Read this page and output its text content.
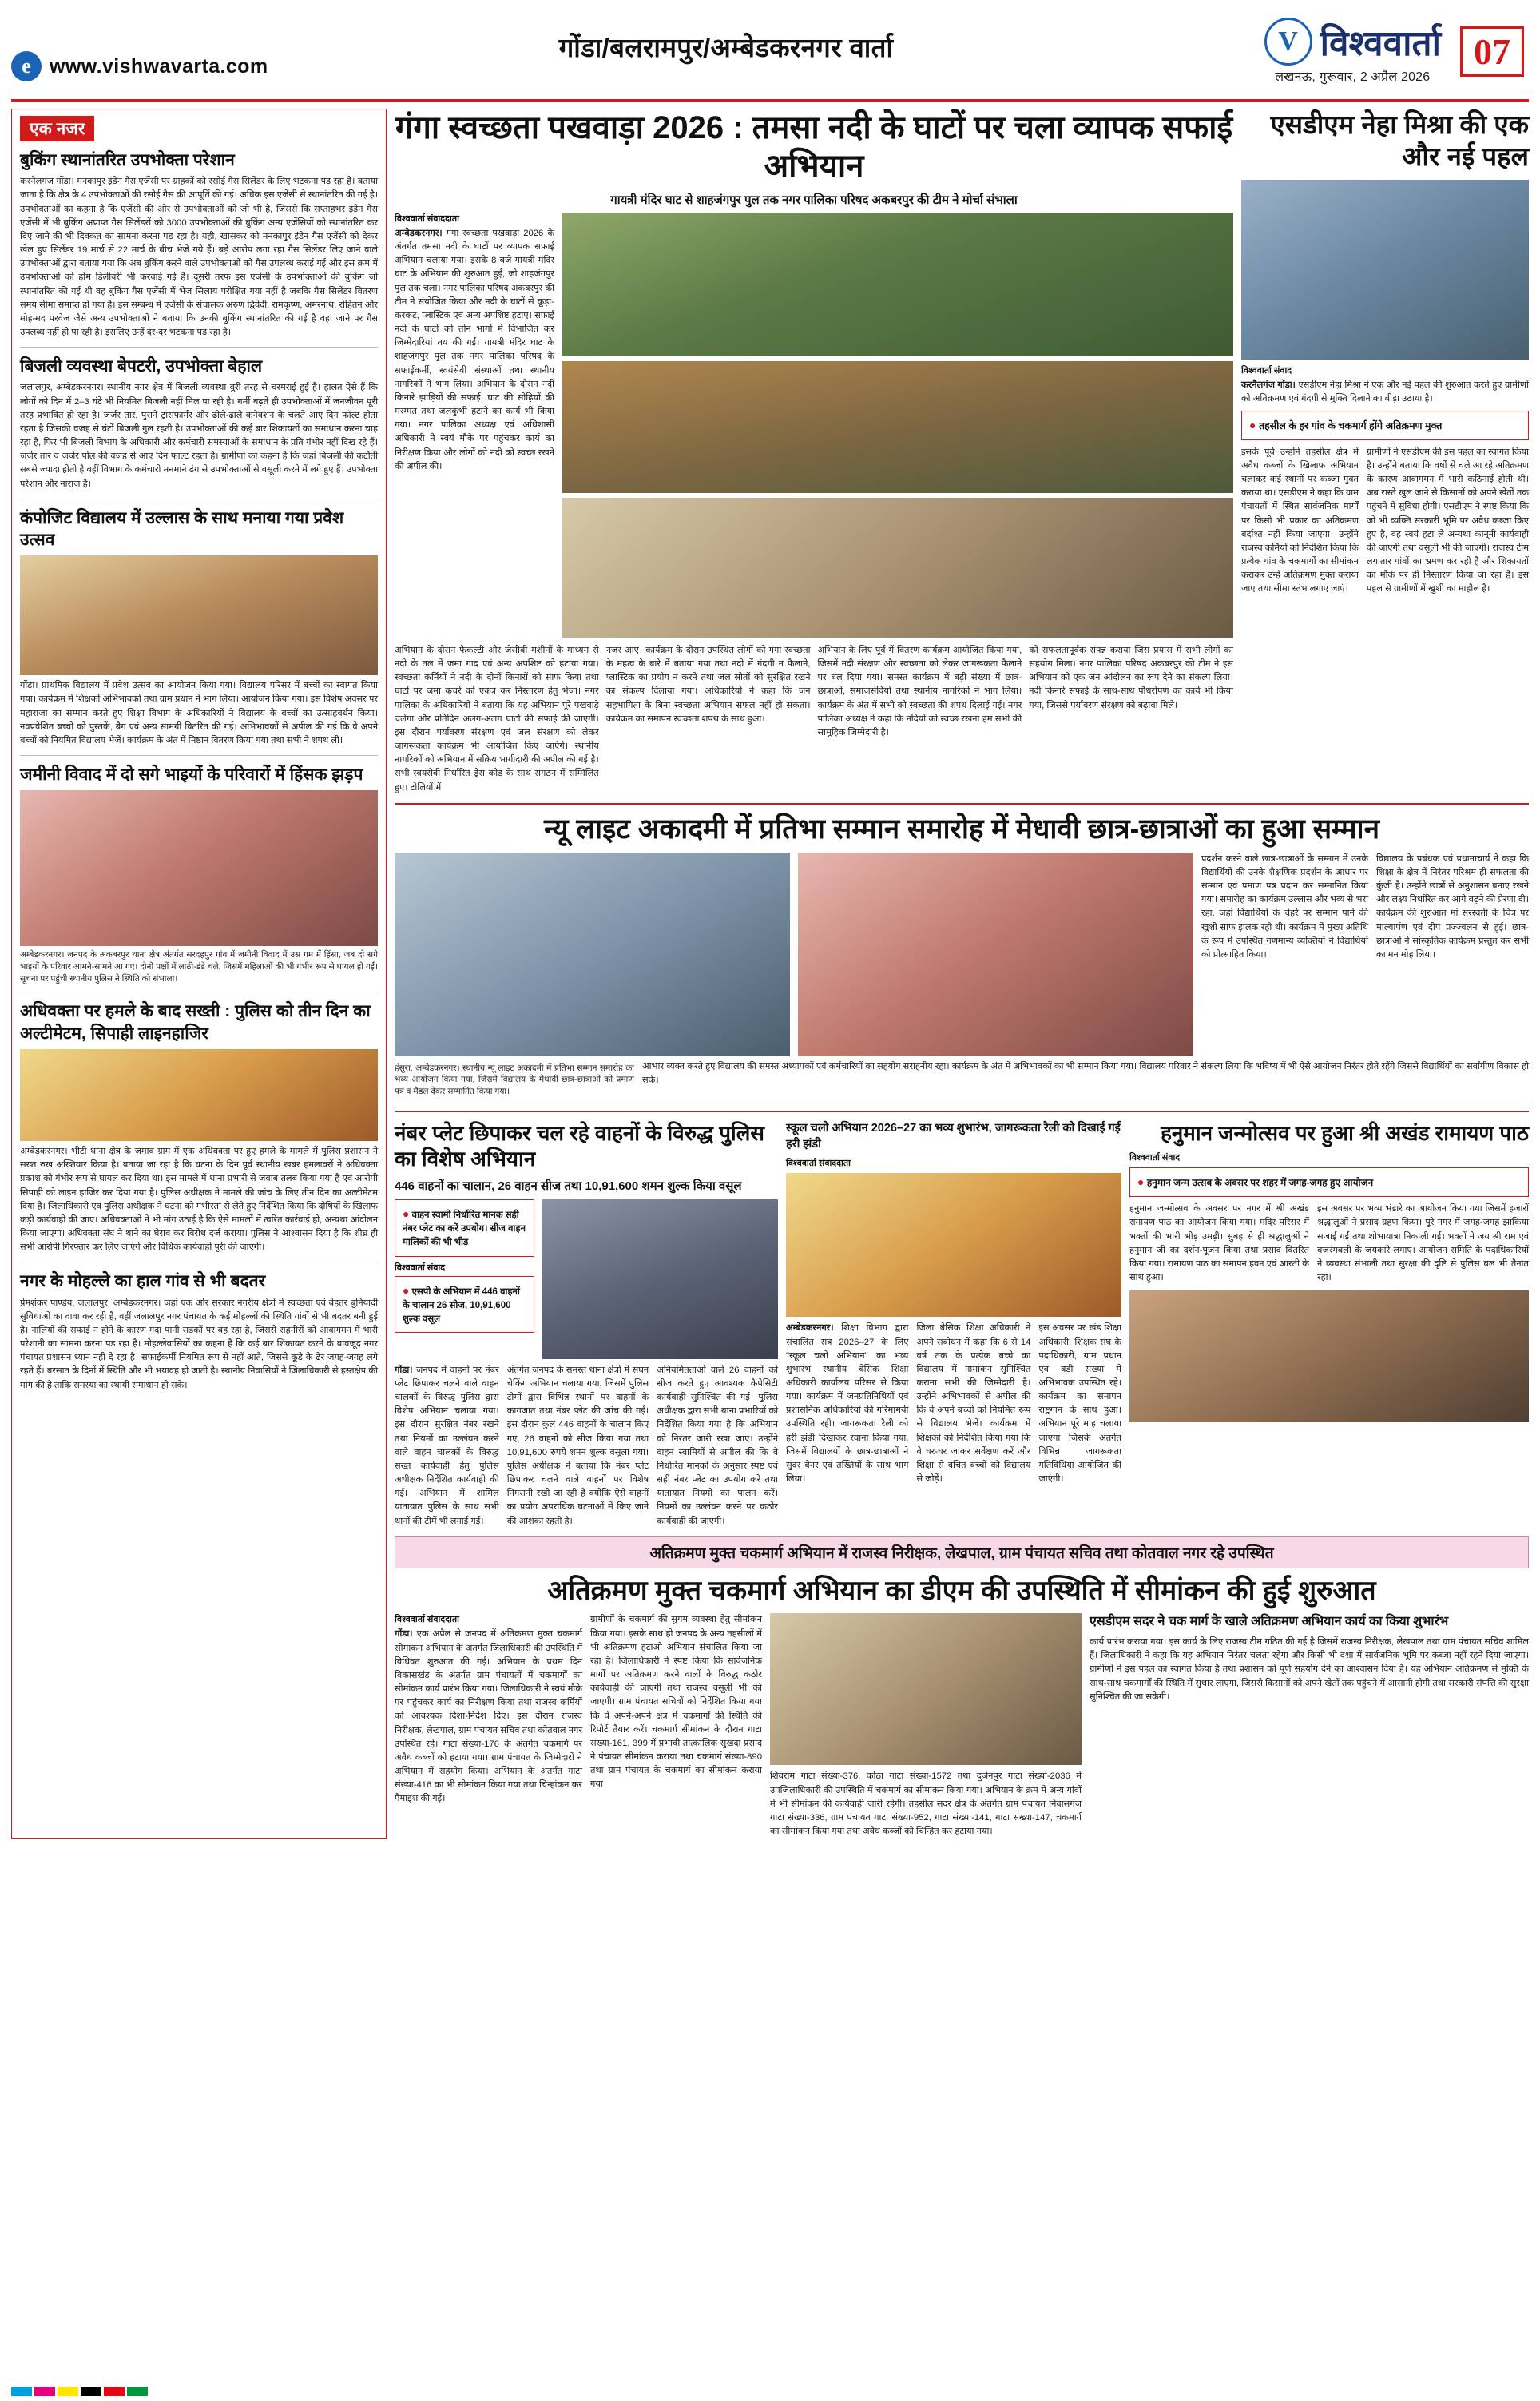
e www.vishwavarta.com
गोंडा/बलरामपुर/अम्बेडकरनगर वार्ता	V विश्ववार्ता
लखनऊ, गुरूवार, 2 अप्रैल 2026
07
एक नजर
बुकिंग स्थानांतरित उपभोक्ता परेशान
करनैलगंज गोंडा। मनकापुर इंडेन गैस एजेंसी पर ग्राहकों को रसोई गैस सिलेंडर के लिए भटकना पड़ रहा है। बताया जाता है कि क्षेत्र के 4 उपभोक्ताओं की रसोई गैस की आपूर्ति की गई। अधिक इस एजेंसी से स्थानांतरित की गई है। उपभोक्ताओं का कहना है कि एजेंसी की ओर से उपभोक्ताओं को जो भी है, जिससे कि सप्ताहभर इंडेन गैस एजेंसी में भी बुकिंग अप्राप्त गैस सिलेंडरों को 3000 उपभोक्ताओं की बुकिंग अन्य एजेंसियों को स्थानांतरित कर दिए जाने की भी दिक्कत का सामना करना पड़ रहा है। यही, खासकर को मनकापुर इंडेन गैस एजेंसी को देकर खेल हुए सिलेंडर 19 मार्च से 22 मार्च के बीच भेजे गये हैं। बड़े आरोप लगा रहा गैस सिलेंडर लिए जाने वाले उपभोक्ताओं द्वारा बताया गया कि अब बुकिंग करने वाले उपभोक्ताओं को गैस उपलब्ध कराई गई और इस क्रम में उपभोक्ताओं को होम डिलीवरी भी करवाई गई है। दूसरी तरफ इस एजेंसी के उपभोक्ताओं की बुकिंग जो स्थानांतरित की गई थी वह बुकिंग गैस एजेंसी में भेज सिलाय परीक्षित गया नहीं है जबकि गैस सिलेंडर वितरण समय सीमा समाप्त हो गया है। इस सम्बन्ध में एजेंसी के संचालक अरुण द्विवेदी, रामकृष्ण, अमरनाथ, रोहितन और मोहम्मद परवेज जैसे अन्य उपभोक्ताओं ने बताया कि उनकी बुकिंग स्थानांतरित की गई है वहां जाने पर गैस उपलब्ध नहीं हो पा रही है। इसलिए उन्हें दर-दर भटकना पड़ रहा है।
बिजली व्यवस्था बेपटरी, उपभोक्ता बेहाल
जलालपुर, अम्बेडकरनगर। स्थानीय नगर क्षेत्र में बिजली व्यवस्था बुरी तरह से चरमराई हुई है। हालत ऐसे हैं कि लोगों को दिन में 2–3 घंटे भी नियमित बिजली नहीं मिल पा रही है। गर्मी बढ़ते ही उपभोक्ताओं में जनजीवन पूरी तरह प्रभावित हो रहा है। जर्जर तार, पुराने ट्रांसफार्मर और ढीले-ढाले कनेक्शन के चलते आए दिन फॉल्ट होता रहता है जिसकी वजह से घंटों बिजली गुल रहती है। उपभोक्ताओं की कई बार शिकायतों का समाधान करना चाह रहा है, फिर भी बिजली विभाग के अधिकारी और कर्मचारी समस्याओं के समाधान के प्रति गंभीर नहीं दिख रहे हैं। जर्जर तार व जर्जर पोल की वजह से आए दिन फाल्ट रहता है। ग्रामीणों का कहना है कि जहां बिजली की कटौती सबसे ज्यादा होती है वहीं विभाग के कर्मचारी मनमाने ढंग से उपभोक्ताओं से वसूली करने में लगे हुए हैं। उपभोक्ता परेशान और नाराज हैं।
कंपोजिट विद्यालय में उल्लास के साथ मनाया गया प्रवेश उत्सव
गोंडा। प्राथमिक विद्यालय में प्रवेश उत्सव का आयोजन किया गया। विद्यालय परिसर में बच्चों का स्वागत किया गया। कार्यक्रम में शिक्षकों अभिभावकों तथा ग्राम प्रधान ने भाग लिया। आयोजन किया गया। इस विशेष अवसर पर महाराजा का सम्मान करते हुए शिक्षा विभाग के अधिकारियों ने विद्यालय के बच्चों का उत्साहवर्धन किया। नवप्रवेशित बच्चों को पुस्तकें, बैग एवं अन्य सामग्री वितरित की गई। अभिभावकों से अपील की गई कि वे अपने बच्चों को नियमित विद्यालय भेजें। कार्यक्रम के अंत में मिष्ठान वितरण किया गया तथा सभी ने शपथ ली।
जमीनी विवाद में दो सगे भाइयों के परिवारों में हिंसक झड़प
अम्बेडकरनगर। जनपद के अकबरपुर थाना क्षेत्र अंतर्गत सरदहपुर गांव में जमीनी विवाद में उस गम में हिंसा, जब दो सगे भाइयों के परिवार आमने-सामने आ गए। दोनों पक्षों में लाठी-डंडे चले, जिसमें महिलाओं की भी गंभीर रूप से घायल हो गईं। सूचना पर पहुंची स्थानीय पुलिस ने स्थिति को संभाला।
अधिवक्ता पर हमले के बाद सख्ती : पुलिस को तीन दिन का अल्टीमेटम, सिपाही लाइनहाजिर
अम्बेडकरनगर। भीटी थाना क्षेत्र के जमाव ग्राम में एक अधिवक्ता पर हुए हमले के मामले में पुलिस प्रशासन ने सख्त रुख अख्तियार किया है। बताया जा रहा है कि घटना के दिन पूर्व स्थानीय खबर हमलावरों ने अधिवक्ता प्रकाश को गंभीर रूप से घायल कर दिया था। इस मामले में थाना प्रभारी से जवाब तलब किया गया है एवं आरोपी सिपाही को लाइन हाजिर कर दिया गया है। पुलिस अधीक्षक ने मामले की जांच के लिए तीन दिन का अल्टीमेटम दिया है। जिलाधिकारी एवं पुलिस अधीक्षक ने घटना को गंभीरता से लेते हुए निर्देशित किया कि दोषियों के खिलाफ कड़ी कार्यवाही की जाए। अधिवक्ताओं ने भी मांग उठाई है कि ऐसे मामलों में त्वरित कार्रवाई हो, अन्यथा आंदोलन किया जाएगा। अधिवक्ता संघ ने थाने का घेराव कर विरोध दर्ज कराया। पुलिस ने आश्वासन दिया है कि शीघ्र ही सभी आरोपी गिरफ्तार कर लिए जाएंगे और विधिक कार्यवाही पूरी की जाएगी।
नगर के मोहल्ले का हाल गांव से भी बदतर
प्रेमशंकर पाण्डेय, जलालपुर, अम्बेडकरनगर। जहां एक ओर सरकार नगरीय क्षेत्रों में स्वच्छता एवं बेहतर बुनियादी सुविधाओं का दावा कर रही है, वहीं जलालपुर नगर पंचायत के कई मोहल्लों की स्थिति गांवों से भी बदतर बनी हुई है। नालियों की सफाई न होने के कारण गंदा पानी सड़कों पर बह रहा है, जिससे राहगीरों को आवागमन में भारी परेशानी का सामना करना पड़ रहा है। मोहल्लेवासियों का कहना है कि कई बार शिकायत करने के बावजूद नगर पंचायत प्रशासन ध्यान नहीं दे रहा है। सफाईकर्मी नियमित रूप से नहीं आते, जिससे कूड़े के ढेर जगह-जगह लगे रहते हैं। बरसात के दिनों में स्थिति और भी भयावह हो जाती है। स्थानीय निवासियों ने जिलाधिकारी से हस्तक्षेप की मांग की है ताकि समस्या का स्थायी समाधान हो सके।
गंगा स्वच्छता पखवाड़ा 2026 : तमसा नदी के घाटों पर चला व्यापक सफाई अभियान
गायत्री मंदिर घाट से शाहजंगपुर पुल तक नगर पालिका परिषद अकबरपुर की टीम ने मोर्चा संभाला
विश्ववार्ता संवाददाता
अम्बेडकरनगर। गंगा स्वच्छता पखवाड़ा 2026 के अंतर्गत तमसा नदी के घाटों पर व्यापक सफाई अभियान चलाया गया। इसके 8 बजे गायत्री मंदिर घाट के अभियान की शुरुआत हुई, जो शाहजंगपुर पुल तक चला। नगर पालिका परिषद अकबरपुर की टीम ने संयोजित किया और नदी के घाटों से कूड़ा-करकट, प्लास्टिक एवं अन्य अपशिष्ट हटाए। सफाई नदी के घाटों को तीन भागों में विभाजित कर जिम्मेदारियां तय की गईं। गायत्री मंदिर घाट के शाहजंगपुर पुल तक नगर पालिका परिषद के सफाईकर्मी, स्वयंसेवी संस्थाओं तथा स्थानीय नागरिकों ने भाग लिया। अभियान के दौरान नदी किनारे झाड़ियों की सफाई, घाट की सीढ़ियों की मरम्मत तथा जलकुंभी हटाने का कार्य भी किया गया। नगर पालिका अध्यक्ष एवं अधिशासी अधिकारी ने स्वयं मौके पर पहुंचकर कार्य का निरीक्षण किया और लोगों को नदी को स्वच्छ रखने की अपील की।
अभियान के दौरान फैकल्टी और जेसीबी मशीनों के माध्यम से नदी के तल में जमा गाद एवं अन्य अपशिष्ट को हटाया गया। स्वच्छता कर्मियों ने नदी के दोनों किनारों को साफ किया तथा घाटों पर जमा कचरे को एकत्र कर निस्तारण हेतु भेजा। नगर पालिका के अधिकारियों ने बताया कि यह अभियान पूरे पखवाड़े चलेगा और प्रतिदिन अलग-अलग घाटों की सफाई की जाएगी। इस दौरान पर्यावरण संरक्षण एवं जल संरक्षण को लेकर जागरूकता कार्यक्रम भी आयोजित किए जाएंगे। स्थानीय नागरिकों को अभियान में सक्रिय भागीदारी की अपील की गई है। सभी स्वयंसेवी निर्धारित ड्रेस कोड के साथ संगठन में सम्मिलित हुए। टोलियों में
नजर आए। कार्यक्रम के दौरान उपस्थित लोगों को गंगा स्वच्छता के महत्व के बारे में बताया गया तथा नदी में गंदगी न फैलाने, प्लास्टिक का प्रयोग न करने तथा जल स्रोतों को सुरक्षित रखने का संकल्प दिलाया गया। अधिकारियों ने कहा कि जन सहभागिता के बिना स्वच्छता अभियान सफल नहीं हो सकता। कार्यक्रम का समापन स्वच्छता शपथ के साथ हुआ।
अभियान के लिए पूर्व में वितरण कार्यक्रम आयोजित किया गया, जिसमें नदी संरक्षण और स्वच्छता को लेकर जागरूकता फैलाने पर बल दिया गया। समस्त कार्यक्रम में बड़ी संख्या में छात्र-छात्राओं, समाजसेवियों तथा स्थानीय नागरिकों ने भाग लिया। कार्यक्रम के अंत में सभी को स्वच्छता की शपथ दिलाई गई। नगर पालिका अध्यक्ष ने कहा कि नदियों को स्वच्छ रखना हम सभी की सामूहिक जिम्मेदारी है।
को सफलतापूर्वक संपन्न कराया जिस प्रयास में सभी लोगों का सहयोग मिला। नगर पालिका परिषद अकबरपुर की टीम ने इस अभियान को एक जन आंदोलन का रूप देने का संकल्प लिया। नदी किनारे सफाई के साथ-साथ पौधरोपण का कार्य भी किया गया, जिससे पर्यावरण संरक्षण को बढ़ावा मिले।
एसडीएम नेहा मिश्रा की एक और नई पहल
विश्ववार्ता संवाद
करनैलगंज गोंडा। एसडीएम नेहा मिश्रा ने एक और नई पहल की शुरुआत करते हुए ग्रामीणों को अतिक्रमण एवं गंदगी से मुक्ति दिलाने का बीड़ा उठाया है।
● तहसील के हर गांव के चकमार्ग होंगे अतिक्रमण मुक्त
इसके पूर्व उन्होंने तहसील क्षेत्र में अवैध कब्जों के खिलाफ अभियान चलाकर कई स्थानों पर कब्जा मुक्त कराया था। एसडीएम ने कहा कि ग्राम पंचायतों में स्थित सार्वजनिक मार्गों पर किसी भी प्रकार का अतिक्रमण बर्दाश्त नहीं किया जाएगा। उन्होंने राजस्व कर्मियों को निर्देशित किया कि प्रत्येक गांव के चकमार्गों का सीमांकन कराकर उन्हें अतिक्रमण मुक्त कराया जाए तथा सीमा स्तंभ लगाए जाएं।
ग्रामीणों ने एसडीएम की इस पहल का स्वागत किया है। उन्होंने बताया कि वर्षों से चले आ रहे अतिक्रमण के कारण आवागमन में भारी कठिनाई होती थी। अब रास्ते खुल जाने से किसानों को अपने खेतों तक पहुंचने में सुविधा होगी। एसडीएम ने स्पष्ट किया कि जो भी व्यक्ति सरकारी भूमि पर अवैध कब्जा किए हुए है, वह स्वयं हटा ले अन्यथा कानूनी कार्यवाही की जाएगी तथा वसूली भी की जाएगी। राजस्व टीम लगातार गांवों का भ्रमण कर रही है और शिकायतों का मौके पर ही निस्तारण किया जा रहा है। इस पहल से ग्रामीणों में खुशी का माहौल है।
न्यू लाइट अकादमी में प्रतिभा सम्मान समारोह में मेधावी छात्र-छात्राओं का हुआ सम्मान
प्रदर्शन करने वाले छात्र-छात्राओं के सम्मान में उनके विद्यार्थियों की उनके शैक्षणिक प्रदर्शन के आधार पर सम्मान एवं प्रमाण पत्र प्रदान कर सम्मानित किया गया। समारोह का कार्यक्रम उल्लास और भव्य से भरा रहा, जहां विद्यार्थियों के चेहरे पर सम्मान पाने की खुशी साफ झलक रही थी। कार्यक्रम में मुख्य अतिथि के रूप में उपस्थित गणमान्य व्यक्तियों ने विद्यार्थियों को प्रोत्साहित किया।
विद्यालय के प्रबंधक एवं प्रधानाचार्य ने कहा कि शिक्षा के क्षेत्र में निरंतर परिश्रम ही सफलता की कुंजी है। उन्होंने छात्रों से अनुशासन बनाए रखने और लक्ष्य निर्धारित कर आगे बढ़ने की प्रेरणा दी। कार्यक्रम की शुरुआत मां सरस्वती के चित्र पर माल्यार्पण एवं दीप प्रज्ज्वलन से हुई। छात्र-छात्राओं ने सांस्कृतिक कार्यक्रम प्रस्तुत कर सभी का मन मोह लिया।
हंसुरा, अम्बेडकरनगर। स्थानीय न्यू लाइट अकादमी में प्रतिभा सम्मान समारोह का भव्य आयोजन किया गया, जिसमें विद्यालय के मेधावी छात्र-छात्राओं को प्रमाण पत्र व मैडल देकर सम्मानित किया गया।
आभार व्यक्त करते हुए विद्यालय की समस्त अध्यापकों एवं कर्मचारियों का सहयोग सराहनीय रहा। कार्यक्रम के अंत में अभिभावकों का भी सम्मान किया गया। विद्यालय परिवार ने संकल्प लिया कि भविष्य में भी ऐसे आयोजन निरंतर होते रहेंगे जिससे विद्यार्थियों का सर्वांगीण विकास हो सके।
नंबर प्लेट छिपाकर चल रहे वाहनों के विरुद्ध पुलिस का विशेष अभियान
446 वाहनों का चालान, 26 वाहन सीज तथा 10,91,600 शमन शुल्क किया वसूल
● वाहन स्वामी निर्धारित मानक सही नंबर प्लेट का करें उपयोग। सीज वाहन मालिकों की भी भीड़
विश्ववार्ता संवाद
● एसपी के अभियान में 446 वाहनों के चालान 26 सीज, 10,91,600 शुल्क वसूल
गोंडा। जनपद में वाहनों पर नंबर प्लेट छिपाकर चलने वाले वाहन चालकों के विरुद्ध पुलिस द्वारा विशेष अभियान चलाया गया। इस दौरान सुरक्षित नंबर रखने तथा नियमों का उल्लंघन करने वाले वाहन चालकों के विरुद्ध सख्त कार्यवाही हेतु पुलिस अधीक्षक निर्देशित कार्यवाही की गई। अभियान में शामिल यातायात पुलिस के साथ सभी थानों की टीमें भी लगाई गईं।
अंतर्गत जनपद के समस्त थाना क्षेत्रों में सघन चेकिंग अभियान चलाया गया, जिसमें पुलिस टीमों द्वारा विभिन्न स्थानों पर वाहनों के कागजात तथा नंबर प्लेट की जांच की गई। इस दौरान कुल 446 वाहनों के चालान किए गए, 26 वाहनों को सीज किया गया तथा 10,91,600 रुपये शमन शुल्क वसूला गया। पुलिस अधीक्षक ने बताया कि नंबर प्लेट छिपाकर चलने वाले वाहनों पर विशेष निगरानी रखी जा रही है क्योंकि ऐसे वाहनों का प्रयोग अपराधिक घटनाओं में किए जाने की आशंका रहती है।
अनियमितताओं वाले 26 वाहनों को सीज करते हुए आवश्यक कैपेसिटी कार्यवाही सुनिश्चित की गई। पुलिस अधीक्षक द्वारा सभी थाना प्रभारियों को निर्देशित किया गया है कि अभियान को निरंतर जारी रखा जाए। उन्होंने वाहन स्वामियों से अपील की कि वे निर्धारित मानकों के अनुसार स्पष्ट एवं सही नंबर प्लेट का उपयोग करें तथा यातायात नियमों का पालन करें। नियमों का उल्लंघन करने पर कठोर कार्यवाही की जाएगी।
स्कूल चलो अभियान 2026–27 का भव्य शुभारंभ, जागरूकता रैली को दिखाई गई हरी झंडी
विश्ववार्ता संवाददाता
अम्बेडकरनगर। शिक्षा विभाग द्वारा संचालित सत्र 2026–27 के लिए "स्कूल चलो अभियान" का भव्य शुभारंभ स्थानीय बेसिक शिक्षा अधिकारी कार्यालय परिसर से किया गया। कार्यक्रम में जनप्रतिनिधियों एवं प्रशासनिक अधिकारियों की गरिमामयी उपस्थिति रही। जागरूकता रैली को हरी झंडी दिखाकर रवाना किया गया, जिसमें विद्यालयों के छात्र-छात्राओं ने सुंदर बैनर एवं तख्तियों के साथ भाग लिया।
जिला बेसिक शिक्षा अधिकारी ने अपने संबोधन में कहा कि 6 से 14 वर्ष तक के प्रत्येक बच्चे का विद्यालय में नामांकन सुनिश्चित कराना सभी की जिम्मेदारी है। उन्होंने अभिभावकों से अपील की कि वे अपने बच्चों को नियमित रूप से विद्यालय भेजें। कार्यक्रम में शिक्षकों को निर्देशित किया गया कि वे घर-घर जाकर सर्वेक्षण करें और शिक्षा से वंचित बच्चों को विद्यालय से जोड़ें।
इस अवसर पर खंड शिक्षा अधिकारी, शिक्षक संघ के पदाधिकारी, ग्राम प्रधान एवं बड़ी संख्या में अभिभावक उपस्थित रहे। कार्यक्रम का समापन राष्ट्रगान के साथ हुआ। अभियान पूरे माह चलाया जाएगा जिसके अंतर्गत विभिन्न जागरूकता गतिविधियां आयोजित की जाएंगी।
हनुमान जन्मोत्सव पर हुआ श्री अखंड रामायण पाठ
विश्ववार्ता संवाद
● हनुमान जन्म उत्सव के अवसर पर शहर में जगह-जगह हुए आयोजन
हनुमान जन्मोत्सव के अवसर पर नगर में श्री अखंड रामायण पाठ का आयोजन किया गया। मंदिर परिसर में भक्तों की भारी भीड़ उमड़ी। सुबह से ही श्रद्धालुओं ने हनुमान जी का दर्शन-पूजन किया तथा प्रसाद वितरित किया गया। रामायण पाठ का समापन हवन एवं आरती के साथ हुआ।
इस अवसर पर भव्य भंडारे का आयोजन किया गया जिसमें हजारों श्रद्धालुओं ने प्रसाद ग्रहण किया। पूरे नगर में जगह-जगह झांकियां सजाई गईं तथा शोभायात्रा निकाली गई। भक्तों ने जय श्री राम एवं बजरंगबली के जयकारे लगाए। आयोजन समिति के पदाधिकारियों ने व्यवस्था संभाली तथा सुरक्षा की दृष्टि से पुलिस बल भी तैनात रहा।
अतिक्रमण मुक्त चकमार्ग अभियान में राजस्व निरीक्षक, लेखपाल, ग्राम पंचायत सचिव तथा कोतवाल नगर रहे उपस्थित
अतिक्रमण मुक्त चकमार्ग अभियान का डीएम की उपस्थिति में सीमांकन की हुई शुरुआत
विश्ववार्ता संवाददाता
गोंडा। एक अप्रैल से जनपद में अतिक्रमण मुक्त चकमार्ग सीमांकन अभियान के अंतर्गत जिलाधिकारी की उपस्थिति में विधिवत शुरुआत की गई। अभियान के प्रथम दिन विकासखंड के अंतर्गत ग्राम पंचायतों में चकमार्गों का सीमांकन कार्य प्रारंभ किया गया। जिलाधिकारी ने स्वयं मौके पर पहुंचकर कार्य का निरीक्षण किया तथा राजस्व कर्मियों को आवश्यक दिशा-निर्देश दिए। इस दौरान राजस्व निरीक्षक, लेखपाल, ग्राम पंचायत सचिव तथा कोतवाल नगर उपस्थित रहे। गाटा संख्या-176 के अंतर्गत चकमार्ग पर अवैध कब्जों को हटाया गया। ग्राम पंचायत के जिम्मेदारों ने अभियान में सहयोग किया। अभियान के अंतर्गत गाटा संख्या-416 का भी सीमांकन किया गया तथा चिन्हांकन कर पैमाइश की गई।
ग्रामीणों के चकमार्ग की सुगम व्यवस्था हेतु सीमांकन किया गया। इसके साथ ही जनपद के अन्य तहसीलों में भी अतिक्रमण हटाओ अभियान संचालित किया जा रहा है। जिलाधिकारी ने स्पष्ट किया कि सार्वजनिक मार्गों पर अतिक्रमण करने वालों के विरुद्ध कठोर कार्यवाही की जाएगी तथा राजस्व वसूली भी की जाएगी। ग्राम पंचायत सचिवों को निर्देशित किया गया कि वे अपने-अपने क्षेत्र में चकमार्गों की स्थिति की रिपोर्ट तैयार करें। चकमार्ग सीमांकन के दौरान गाटा संख्या-161, 399 में प्रभावी तात्कालिक सुखदा प्रसाद ने पंचायत सीमांकन कराया तथा चकमार्ग संख्या-890 तथा ग्राम पंचायत के चकमार्ग का सीमांकन कराया गया।
शिवराम गाटा संख्या-376, कोठा गाटा संख्या-1572 तथा दुर्जनपुर गाटा संख्या-2036 में उपजिलाधिकारी की उपस्थिति में चकमार्ग का सीमांकन किया गया। अभियान के क्रम में अन्य गांवों में भी सीमांकन की कार्यवाही जारी रहेगी। तहसील सदर क्षेत्र के अंतर्गत ग्राम पंचायत निवासगंज गाटा संख्या-336, ग्राम पंचायत गाटा संख्या-952, गाटा संख्या-141, गाटा संख्या-147, चकमार्ग का सीमांकन किया गया तथा अवैध कब्जों को चिन्हित कर हटाया गया।
एसडीएम सदर ने चक मार्ग के खाले अतिक्रमण अभियान कार्य का किया शुभारंभ
कार्य प्रारंभ कराया गया। इस कार्य के लिए राजस्व टीम गठित की गई है जिसमें राजस्व निरीक्षक, लेखपाल तथा ग्राम पंचायत सचिव शामिल हैं। जिलाधिकारी ने कहा कि यह अभियान निरंतर चलता रहेगा और किसी भी दशा में सार्वजनिक भूमि पर कब्जा नहीं रहने दिया जाएगा। ग्रामीणों ने इस पहल का स्वागत किया है तथा प्रशासन को पूर्ण सहयोग देने का आश्वासन दिया है। यह अभियान अतिक्रमण से मुक्ति के साथ-साथ चकमार्गों की स्थिति में सुधार लाएगा, जिससे किसानों को अपने खेतों तक पहुंचने में आसानी होगी तथा सरकारी संपत्ति की सुरक्षा सुनिश्चित की जा सकेगी।
